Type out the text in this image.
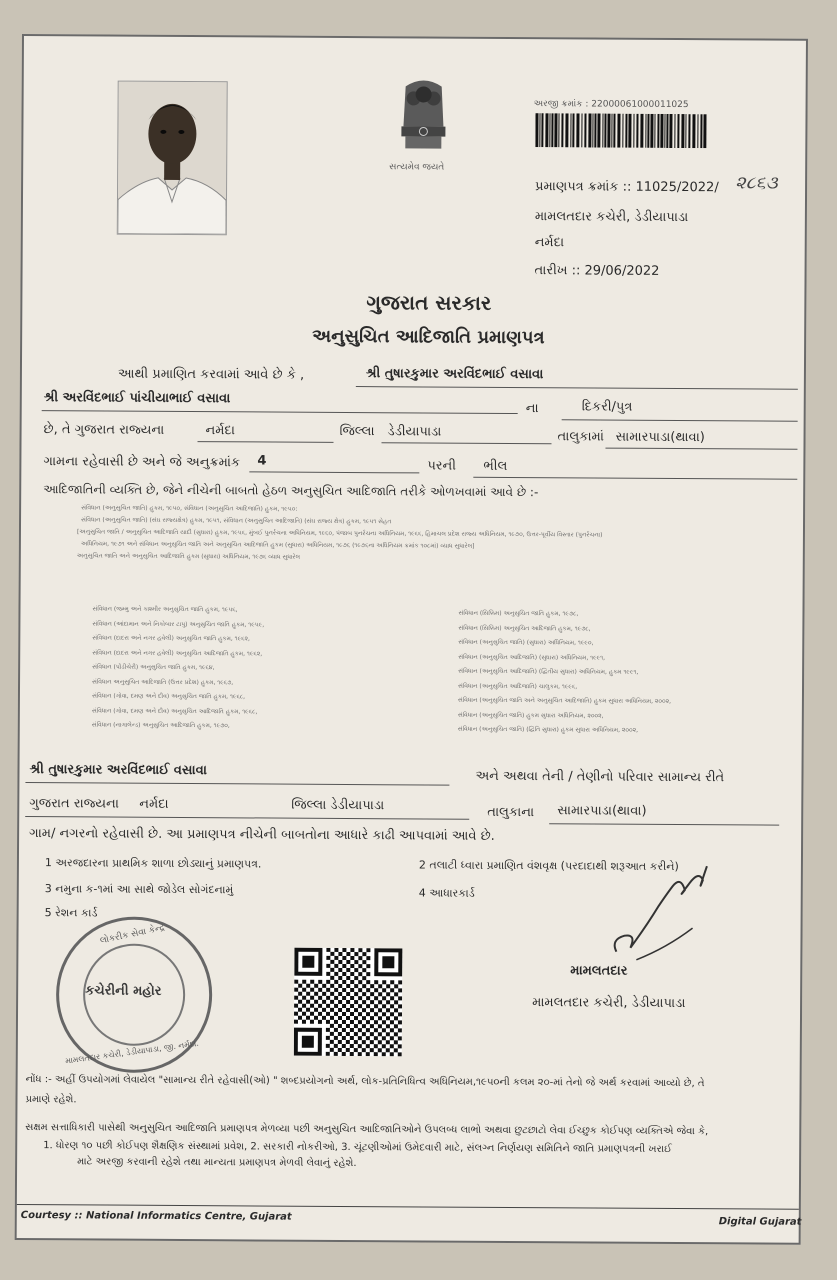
સત્યમેવ જયતે
અરજી ક્રમાંક : 22000061000011025
પ્રમાણપત્ર ક્રમાંક :: 11025/2022/ ૨૮૬૩
મામલતદાર કચેરી, ડેડીયાપાડા
નર્મદા
તારીખ :: 29/06/2022
ગુજરાત સરકાર
અનુસુચિત આદિજાતિ પ્રમાણપત્ર
આથી પ્રમાણિત કરવામાં આવે છે કે ,	શ્રી તુષારકુમાર અરવિંદભાઈ વસાવા
શ્રી અરવિંદભાઈ પાંચીયાભાઈ વસાવા
ના	દિકરી/પુત્ર
છે, તે ગુજરાત રાજ્યના	નર્મદા	જિલ્લા ડેડીયાપાડા	તાલુકામાં સામારપાડા(થાવા)
ગામના રહેવાસી છે અને જે અનુક્રમાંક 4	પરની ભીલ
આદિજાતિની વ્યક્તિ છે, જેને નીચેની બાબતો હેઠળ અનુસુચિત આદિજાતિ તરીકે ઓળખવામાં આવે છે :-
સંવિધાન (અનુસુચિત જાતિ) હુકમ, ૧૯૫૦, સંવિધાન (અનુસુચિત આદિજાતિ) હુકમ, ૧૯૫૦:
સંવિધાન (અનુસુચિત જાતિ) (સંઘ રાજ્યક્ષેત્ર) હુકમ, ૧૯૫૧, સંવિધાન (અનુસુચિત આદિજાતિ) (સંઘ રાજ્ય ક્ષેત્ર) હુકમ, ૧૯૫૧ સેહત
[અનુસુચિત જાતિ / અનુસુચિત આદિજાતિ યાદી (સુધારા) હુકમ, ૧૯૫૬, મુંબઈ પુનર્રચના અધિનિયમ, ૧૯૬૦, પંજાબ પુનર્રચના અધિનિયમ, ૧૯૬૬, હિમાચલ પ્રદેશ રાજ્ય અધિનિયમ, ૧૯૭૦, ઉત્તર-પૂર્વીય વિસ્તાર (પુનર્રચના)
અધિનિયમ, ૧૯૭૧ અને સંવિધાન અનુસુચિત જાતિ અને અનુસુચિત આદિજાતિ હુકમ (સુધારા) અધિનિયમ, ૧૯૭૬ (૧૯૭૬ના અધિનિયમ ક્રમાંક ૧૦૮માં) વ્યાધ સુધારેલ]
અનુસુચિત જાતિ અને અનુસુચિત આદિજાતિ હુકમ (સુધારા) અધિનિયમ, ૧૯૭૬ વ્યાધ સુધારેલ
સંવિધાન (જમ્મુ અને કાશ્મીર અનુસુચિત જાતિ હુકમ, ૧૯૫૬,
સંવિધાન (આંદામાન અને નિકોબાર ટાપુ) અનુસુચિત જાતિ હુકમ, ૧૯૫૯,
સંવિધાન (દાદરા અને નગર હવેલી) અનુસુચિત જાતિ હુકમ, ૧૯૬૨,
સંવિધાન (દાદરા અને નગર હવેલી) અનુસુચિત આદિજાતિ હુકમ, ૧૯૬૨,
સંવિધાન (પોંડીચેરી) અનુસુચિત જાતિ હુકમ, ૧૯૬૪,
સંવિધાન અનુસુચિત આદિજાતિ (ઉત્તર પ્રદેશ) હુકમ, ૧૯૬૭,
સંવિધાન (ગોવા, દમણ અને દીવ) અનુસુચિત જાતિ હુકમ, ૧૯૬૮,
સંવિધાન (ગોવા, દમણ અને દીવ) અનુસુચિત આદિજાતિ હુકમ, ૧૯૬૮,
સંવિધાન (નાગાલેન્ડ) અનુસુચિત આદિજાતિ હુકમ, ૧૯૭૦,
સંવિધાન (સિક્કિમ) અનુસુચિત જાતિ હુકમ, ૧૯૭૮,
સંવિધાન (સિક્કિમ) અનુસુચિત આદિજાતિ હુકમ, ૧૯૭૮,
સંવિધાન (અનુસુચિત જાતિ) (સુધારા) અધિનિયમ, ૧૯૯૦,
સંવિધાન (અનુસુચિત આદિજાતિ) (સુધારા) અધિનિયમ, ૧૯૯૧,
સંવિધાન (અનુસુચિત આદિજાતિ) (દ્વિતીય સુધારા) અધિનિયમ, હુકમ ૧૯૯૧,
સંવિધાન (અનુસુચિત આદિજાતિ) ચાલુકમ, ૧૯૯૬,
સંવિધાન (અનુસુચિત જાતિ અને અનુસુચિત આદિજાતિ) હુકમ સુધારા અધિનિયમ, ૨૦૦૨,
સંવિધાન (અનુસુચિત જાતિ) હુકમ સુધારા અધિનિયમ, ૨૦૦૨,
સંવિધાન (અનુસુચિત જાતિ) (દ્વિતિ સુધારા) હુકમ સુધારા અધિનિયમ, ૨૦૦૨,
શ્રી તુષારકુમાર અરવિંદભાઈ વસાવા	અને અથવા તેની / તેણીનો પરિવાર સામાન્ય રીતે
ગુજરાત રાજ્યના નર્મદા	જિલ્લા ડેડીયાપાડા	તાલુકાના સામારપાડા(થાવા)
ગામ/ નગરનો રહેવાસી છે. આ પ્રમાણપત્ર નીચેની બાબતોના આધારે કાઢી આપવામાં આવે છે.
1 અરજદારના પ્રાથમિક શાળા છોડ્યાનું પ્રમાણપત્ર.	2 તલાટી ધ્વારા પ્રમાણિત વંશવૃક્ષ (પરદાદાથી શરૂઆત કરીને)
3 નમુના ક-૧માં આ સાથે જોડેલ સોગંદનામું	4 આધારકાર્ડ
5 રેશન કાર્ડ
લોકરીક સેવા કેન્દ્ર
કચેરીની મહોર
મામલતદાર કચેરી, ડેડીયાપાડા, જી. નર્મદા.
મામલતદાર
મામલતદાર કચેરી, ડેડીયાપાડા
નોંધ :- અહીં ઉપયોગમાં લેવાયેલ "સામાન્ય રીતે રહેવાસી(ઓ) " શબ્દપ્રયોગનો અર્થ, લોક-પ્રતિનિધિત્વ અધિનિયમ,૧૯૫૦ની કલમ ૨૦-માં તેનો જે અર્થ કરવામાં આવ્યો છે, તે
પ્રમાણે રહેશે.
સક્ષમ સત્તાધિકારી પાસેથી અનુસુચિત આદિજાતિ પ્રમાણપત્ર મેળવ્યા પછી અનુસુચિત આદિજાતિઓને ઉપલબ્ધ લાભો અથવા છુટછાટો લેવા ઈચ્છુક કોઈપણ વ્યક્તિએ જેવા કે,
1. ધોરણ ૧૦ પછી કોઈપણ શૈક્ષણિક સંસ્થામાં પ્રવેશ, 2. સરકારી નોકરીઓ, 3. ચૂંટણીઓમાં ઉમેદવારી માટે, સંલગ્ન નિર્ણયણ સમિતિને જાતિ પ્રમાણપત્રની ખરાઈ
માટે અરજી કરવાની રહેશે તથા માન્યતા પ્રમાણપત્ર મેળવી લેવાનું રહેશે.
Courtesy :: National Informatics Centre, Gujarat	Digital Gujarat
